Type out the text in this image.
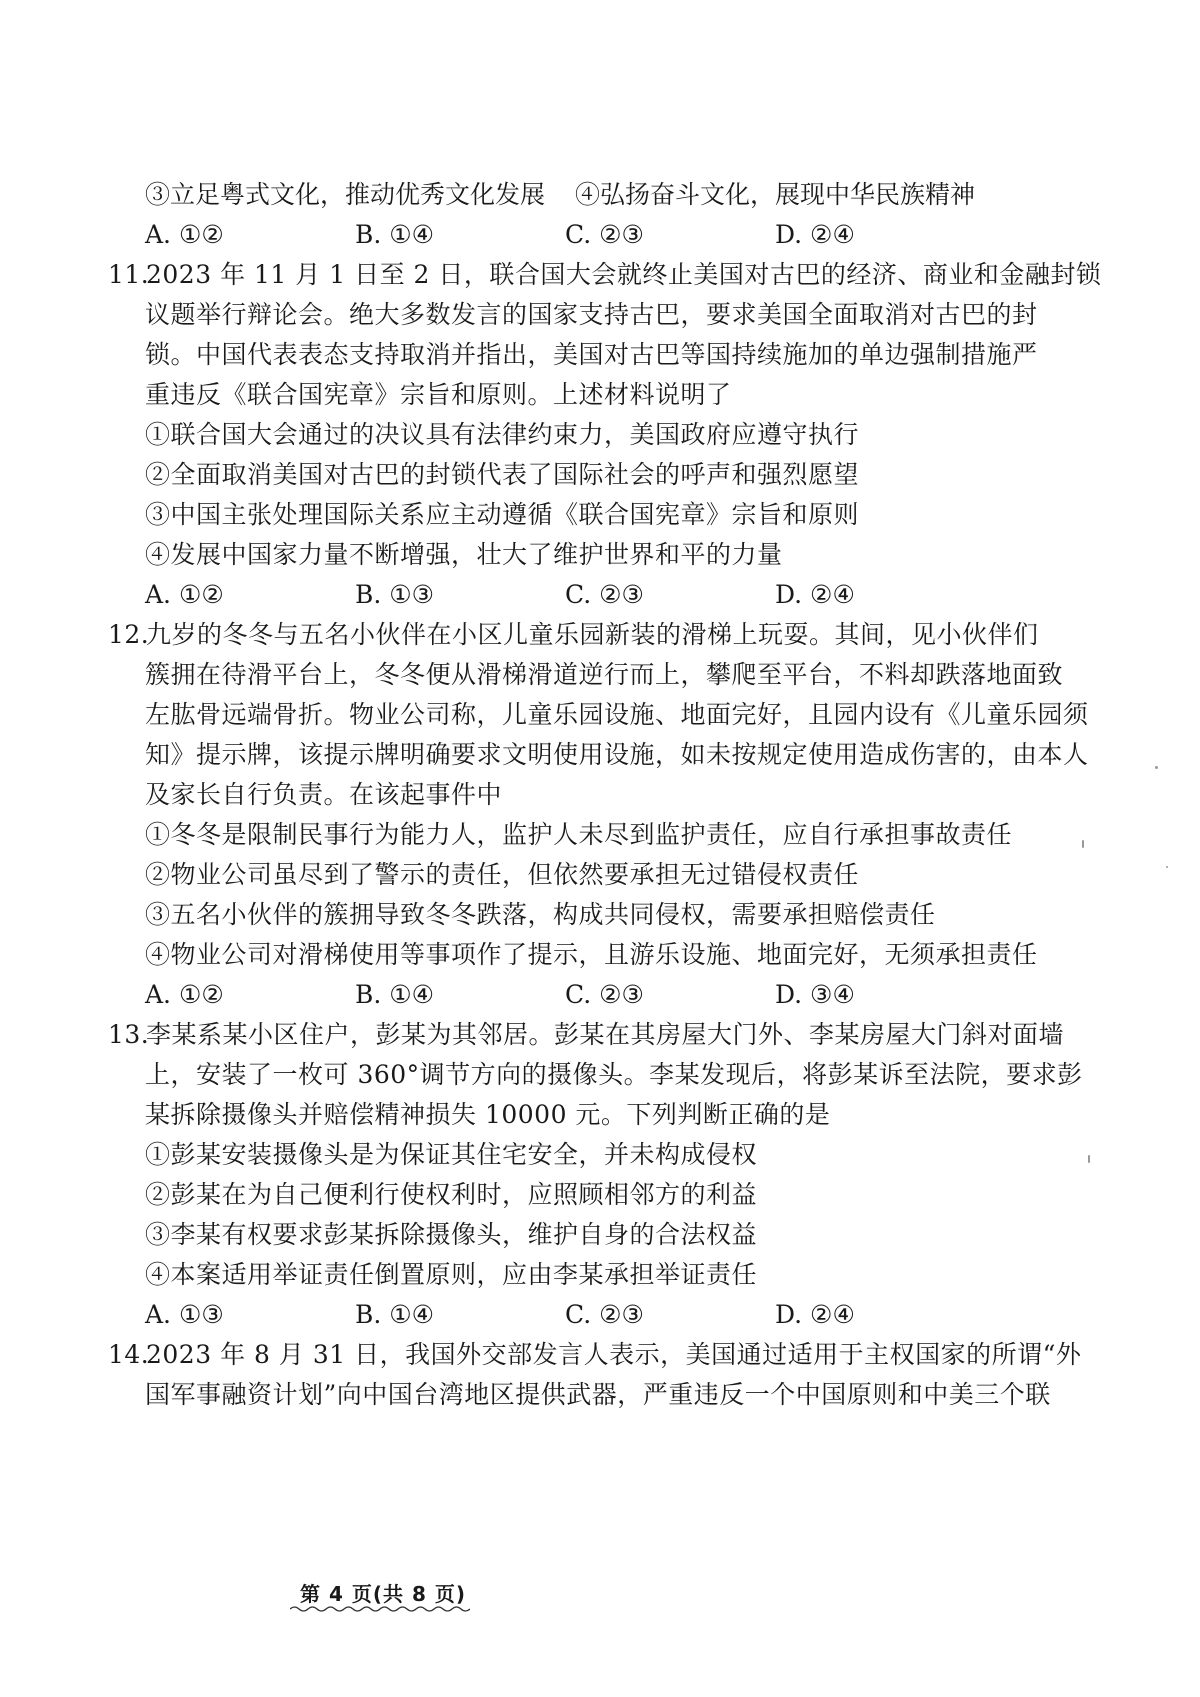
③立足粤式文化，推动优秀文化发展 ④弘扬奋斗文化，展现中华民族精神
A. ①②	B. ①④	C. ②③	D. ②④
11.2023 年 11 月 1 日至 2 日，联合国大会就终止美国对古巴的经济、商业和金融封锁
议题举行辩论会。绝大多数发言的国家支持古巴，要求美国全面取消对古巴的封
锁。中国代表表态支持取消并指出，美国对古巴等国持续施加的单边强制措施严
重违反《联合国宪章》宗旨和原则。上述材料说明了
①联合国大会通过的决议具有法律约束力，美国政府应遵守执行
②全面取消美国对古巴的封锁代表了国际社会的呼声和强烈愿望
③中国主张处理国际关系应主动遵循《联合国宪章》宗旨和原则
④发展中国家力量不断增强，壮大了维护世界和平的力量
A. ①②	B. ①③	C. ②③	D. ②④
12.九岁的冬冬与五名小伙伴在小区儿童乐园新装的滑梯上玩耍。其间，见小伙伴们
簇拥在待滑平台上，冬冬便从滑梯滑道逆行而上，攀爬至平台，不料却跌落地面致
左肱骨远端骨折。物业公司称，儿童乐园设施、地面完好，且园内设有《儿童乐园须
知》提示牌，该提示牌明确要求文明使用设施，如未按规定使用造成伤害的，由本人
及家长自行负责。在该起事件中
①冬冬是限制民事行为能力人，监护人未尽到监护责任，应自行承担事故责任
②物业公司虽尽到了警示的责任，但依然要承担无过错侵权责任
③五名小伙伴的簇拥导致冬冬跌落，构成共同侵权，需要承担赔偿责任
④物业公司对滑梯使用等事项作了提示，且游乐设施、地面完好，无须承担责任
A. ①②	B. ①④	C. ②③	D. ③④
13.李某系某小区住户，彭某为其邻居。彭某在其房屋大门外、李某房屋大门斜对面墙
上，安装了一枚可 360°调节方向的摄像头。李某发现后，将彭某诉至法院，要求彭
某拆除摄像头并赔偿精神损失 10000 元。下列判断正确的是
①彭某安装摄像头是为保证其住宅安全，并未构成侵权
②彭某在为自己便利行使权利时，应照顾相邻方的利益
③李某有权要求彭某拆除摄像头，维护自身的合法权益
④本案适用举证责任倒置原则，应由李某承担举证责任
A. ①③	B. ①④	C. ②③	D. ②④
14.2023 年 8 月 31 日，我国外交部发言人表示，美国通过适用于主权国家的所谓“外
国军事融资计划”向中国台湾地区提供武器，严重违反一个中国原则和中美三个联
第 4 页(共 8 页)
